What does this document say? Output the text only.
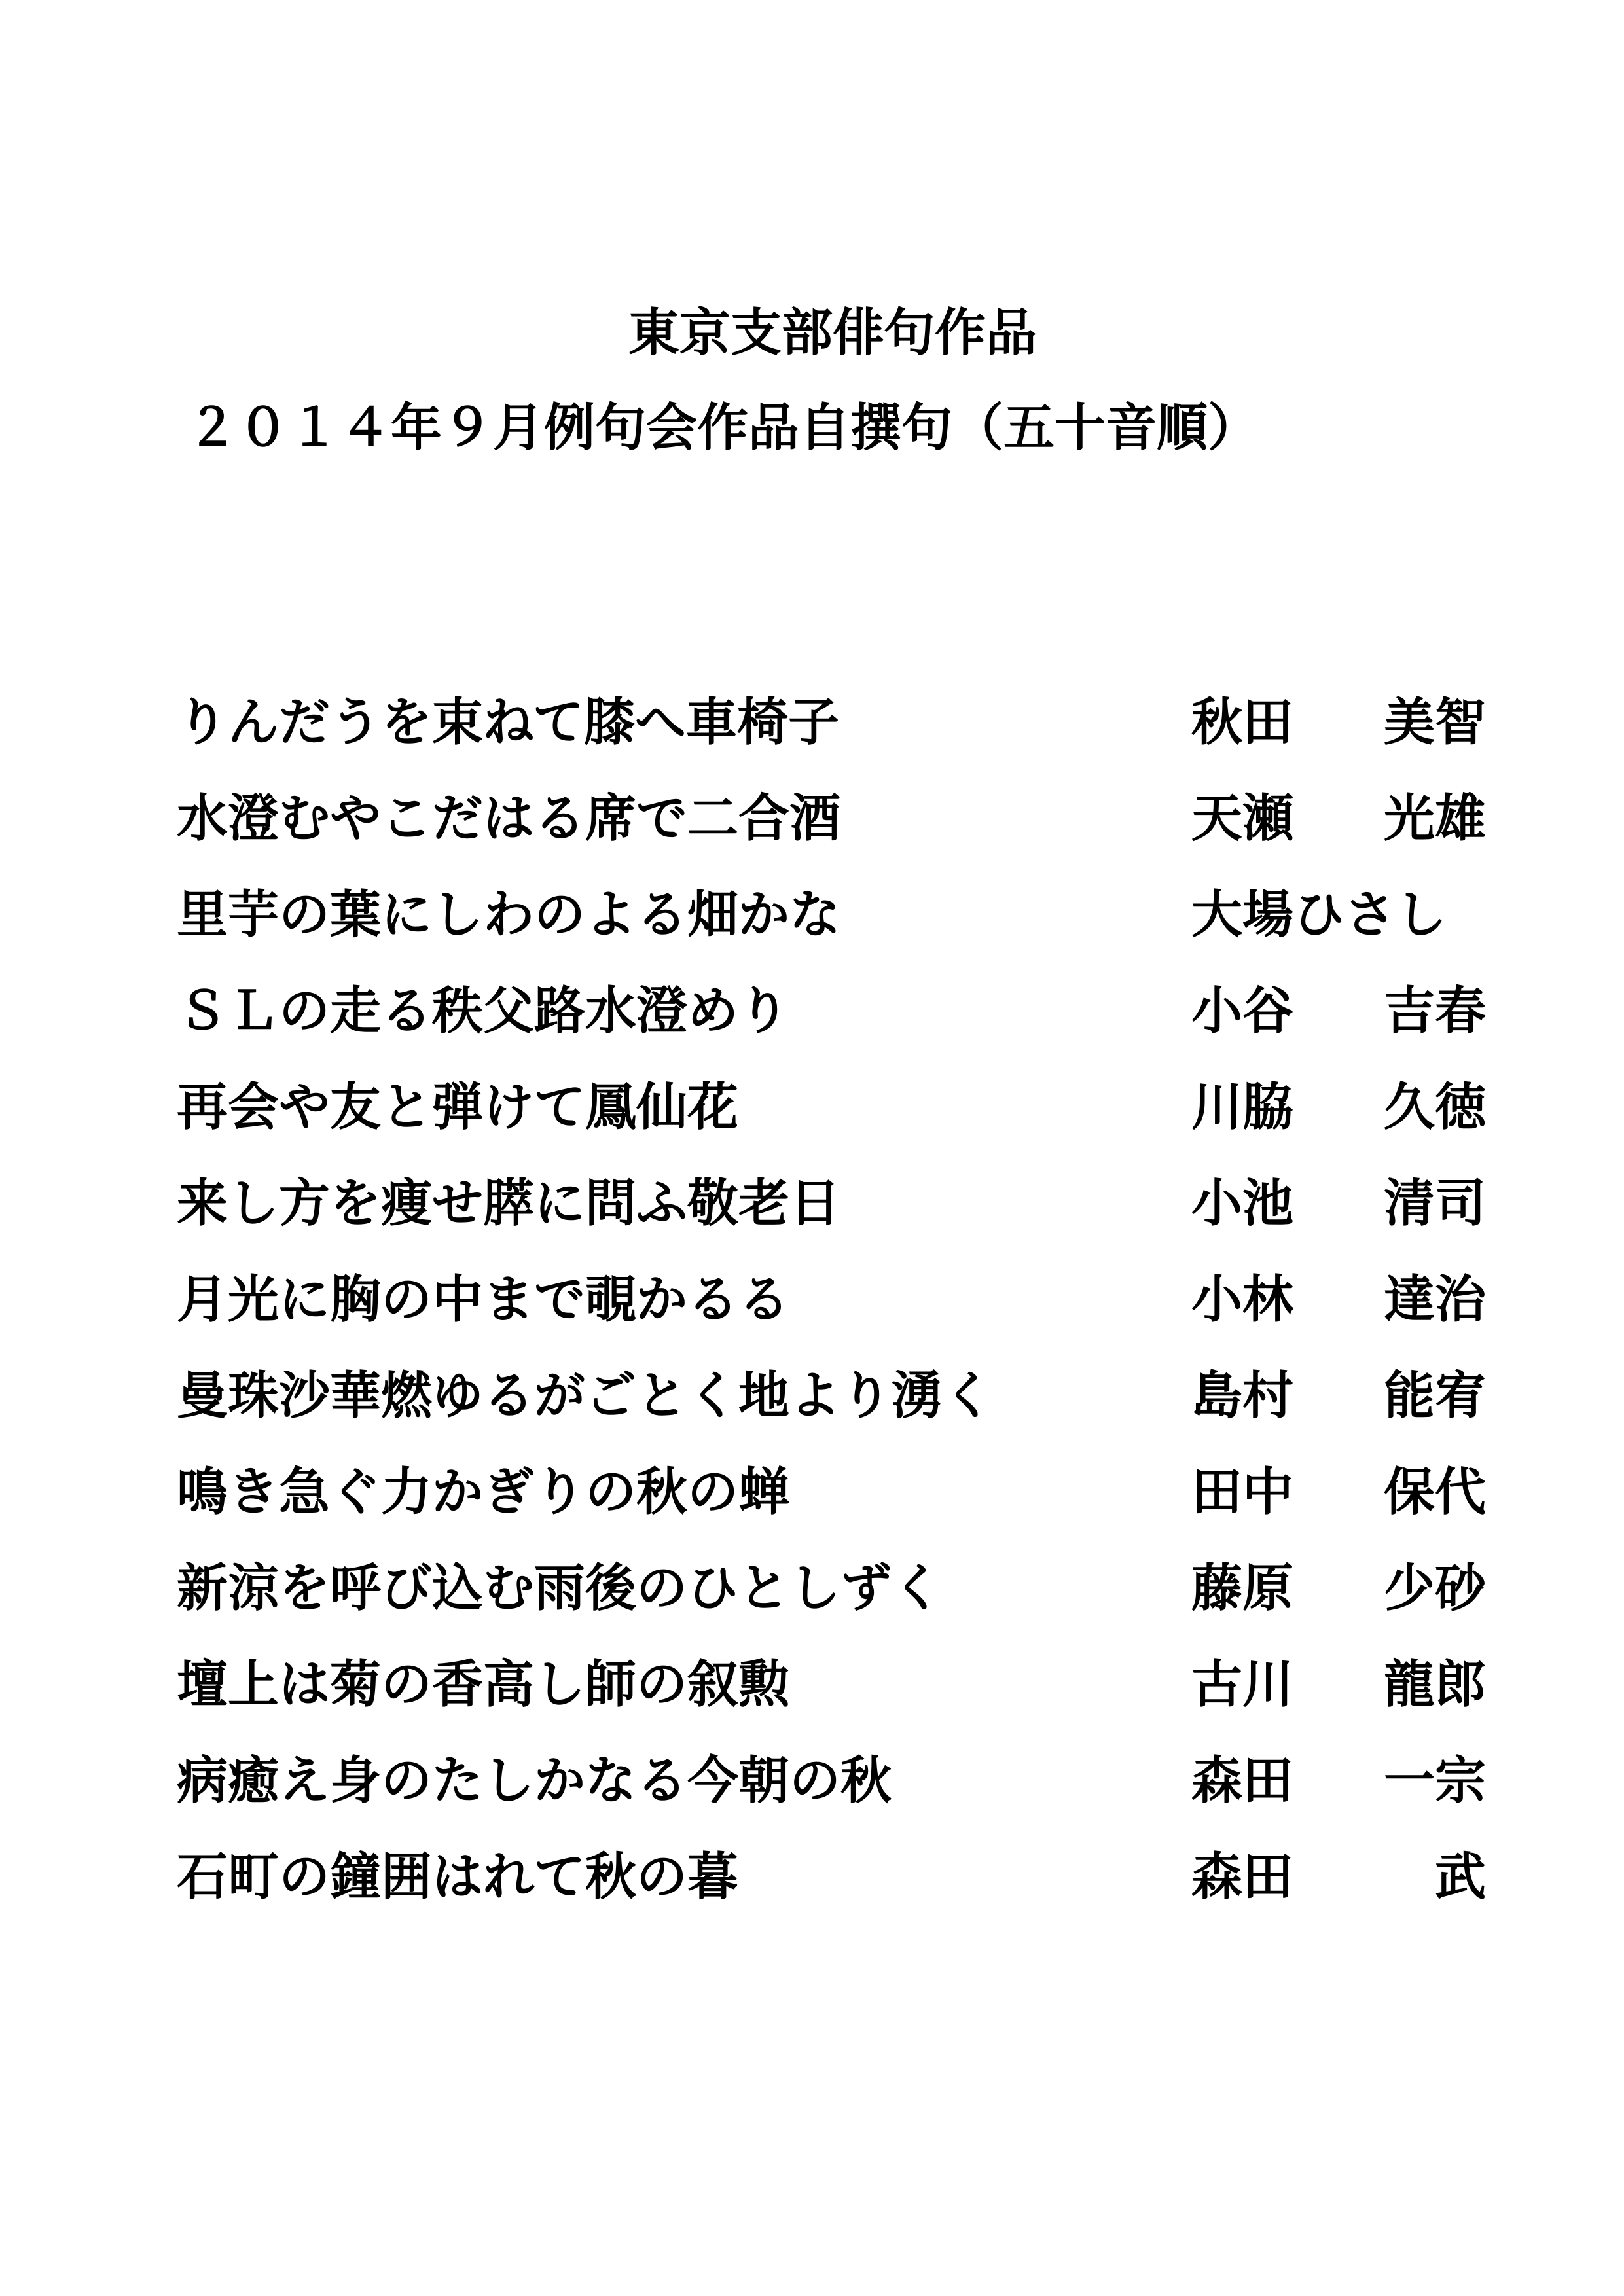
東京支部俳句作品
２０１４年９月例句会作品自撰句（五十音順）
りんだうを束ねて膝へ車椅子	秋田 美智
水澄むやこだはる席で二合酒	天瀬 光雄
里芋の葉にしわのよる畑かな	大場ひさし
ＳＬの走る秩父路水澄めり	小谷 吉春
再会や友と弾けて鳳仙花	川脇 久徳
来し方を痩せ膵に問ふ敬老日	小池 清司
月光に胸の中まで覗かるる	小林 達治
曼珠沙華燃ゆるがごとく地より湧く	島村 能宥
鳴き急ぐ力かぎりの秋の蝉	田中 保代
新涼を呼び込む雨後のひとしずく	藤原 少砂
壇上は菊の香高し師の叙勲	古川 龍郎
病癒え身のたしかなる今朝の秋	森田 一宗
石町の鐘囲はれて秋の暮	森田	武
